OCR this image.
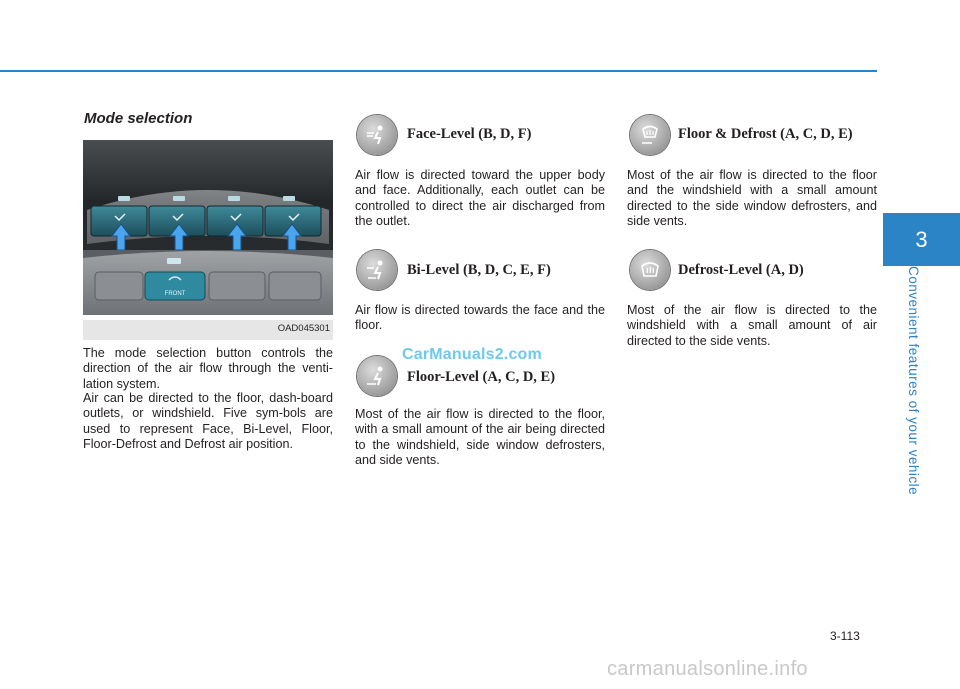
3
Convenient features of your vehicle
Mode selection
FRONT
OAD045301

The mode selection button controls the direction of the air flow through the venti-lation system.

Air can be directed to the floor, dash-board outlets, or windshield. Five sym-bols are used to represent Face, Bi-Level, Floor, Floor-Defrost and Defrost air position.

Face-Level (B, D, F)

Air flow is directed toward the upper body and face. Additionally, each outlet can be controlled to direct the air discharged from the outlet.

Bi-Level (B, D, C, E, F)

Air flow is directed towards the face and the floor.

Floor-Level (A, C, D, E)

Most of the air flow is directed to the floor, with a small amount of the air being directed to the windshield, side window defrosters, and side vents.

Floor & Defrost (A, C, D, E)

Most of the air flow is directed to the floor and the windshield with a small amount directed to the side window defrosters, and side vents.

Defrost-Level (A, D)

Most of the air flow is directed to the windshield with a small amount of air directed to the side vents.

3-113
CarManuals2.com
carmanualsonline.info
